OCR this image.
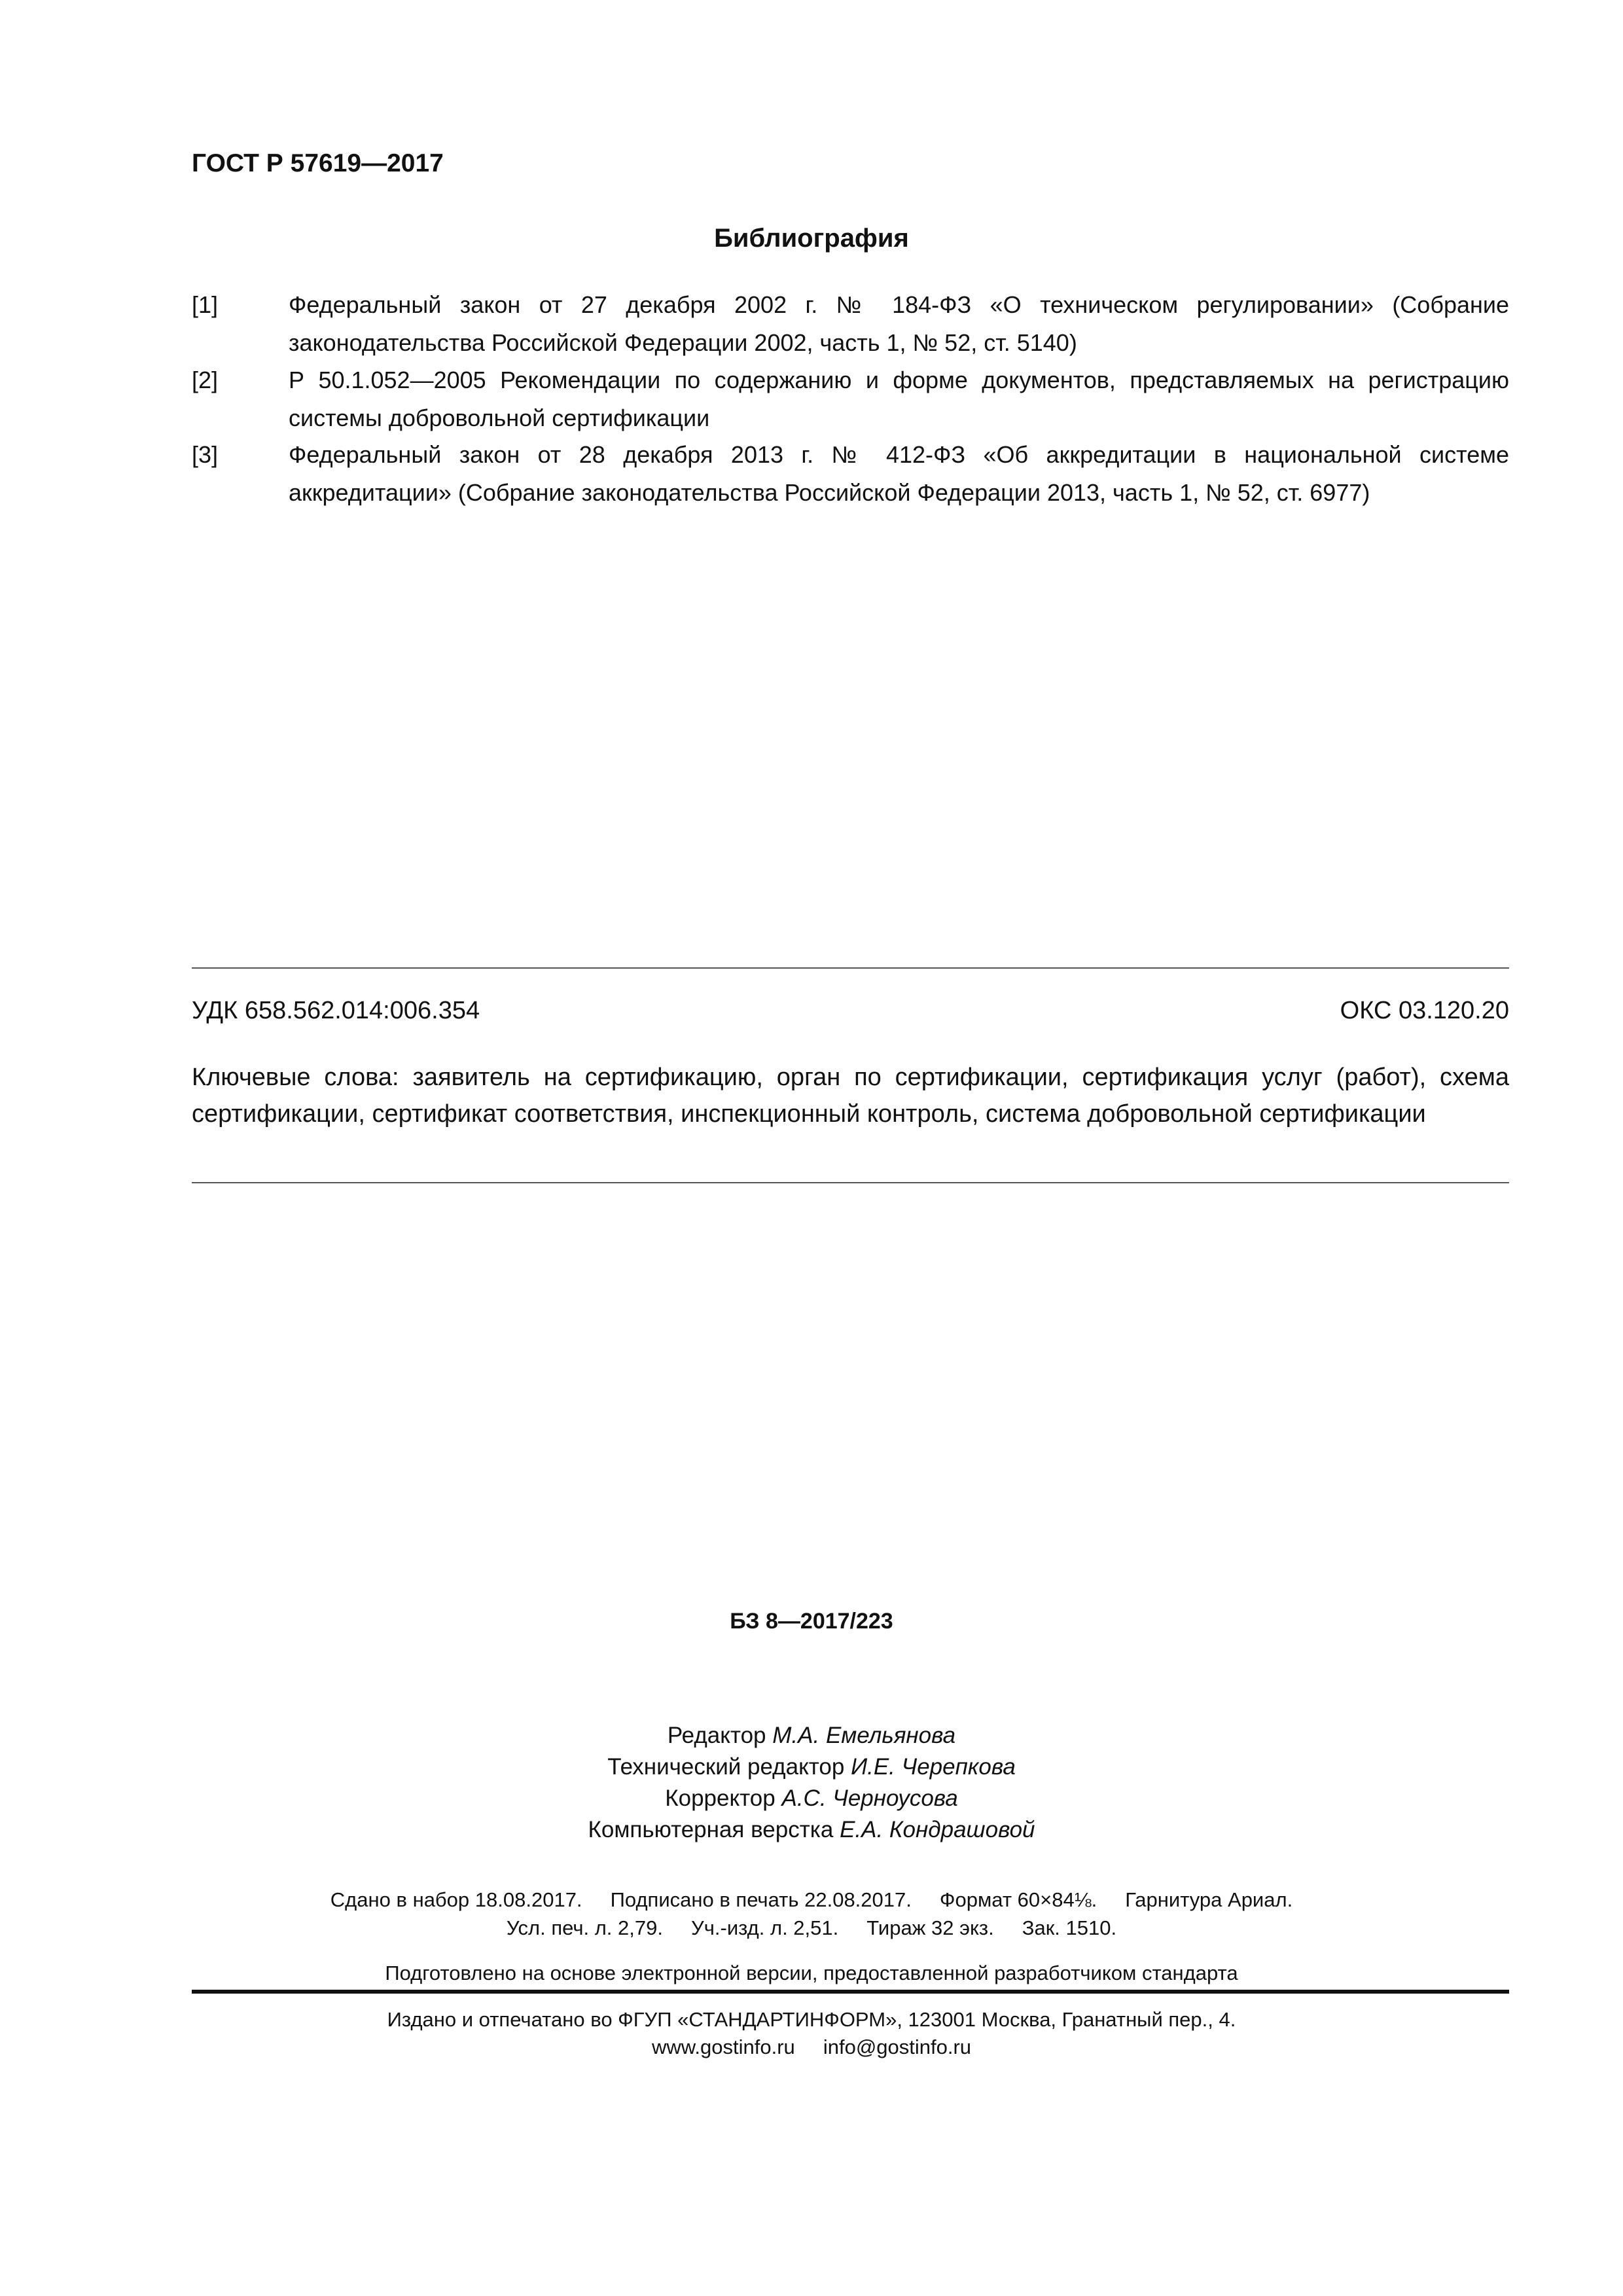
ГОСТ Р 57619—2017
Библиография
[1]	Федеральный закон от 27 декабря 2002 г. № 184-ФЗ «О техническом регулировании» (Собрание законодательства Российской Федерации 2002, часть 1, № 52, ст. 5140)
[2]	Р 50.1.052—2005 Рекомендации по содержанию и форме документов, представляемых на регистрацию системы добровольной сертификации
[3]	Федеральный закон от 28 декабря 2013 г. № 412-ФЗ «Об аккредитации в национальной системе аккредитации» (Собрание законодательства Российской Федерации 2013, часть 1, № 52, ст. 6977)
УДК 658.562.014:006.354	ОКС 03.120.20
Ключевые слова: заявитель на сертификацию, орган по сертификации, сертификация услуг (работ), схема сертификации, сертификат соответствия, инспекционный контроль, система добровольной сертификации
БЗ 8—2017/223
Редактор М.А. Емельянова
Технический редактор И.Е. Черепкова
Корректор А.С. Черноусова
Компьютерная верстка Е.А. Кондрашовой
Сдано в набор 18.08.2017.     Подписано в печать 22.08.2017.     Формат 60×84⅛.     Гарнитура Ариал.
Усл. печ. л. 2,79.     Уч.-изд. л. 2,51.     Тираж 32 экз.     Зак. 1510.
Подготовлено на основе электронной версии, предоставленной разработчиком стандарта
Издано и отпечатано во ФГУП «СТАНДАРТИНФОРМ», 123001 Москва, Гранатный пер., 4.
www.gostinfo.ru info@gostinfo.ru
